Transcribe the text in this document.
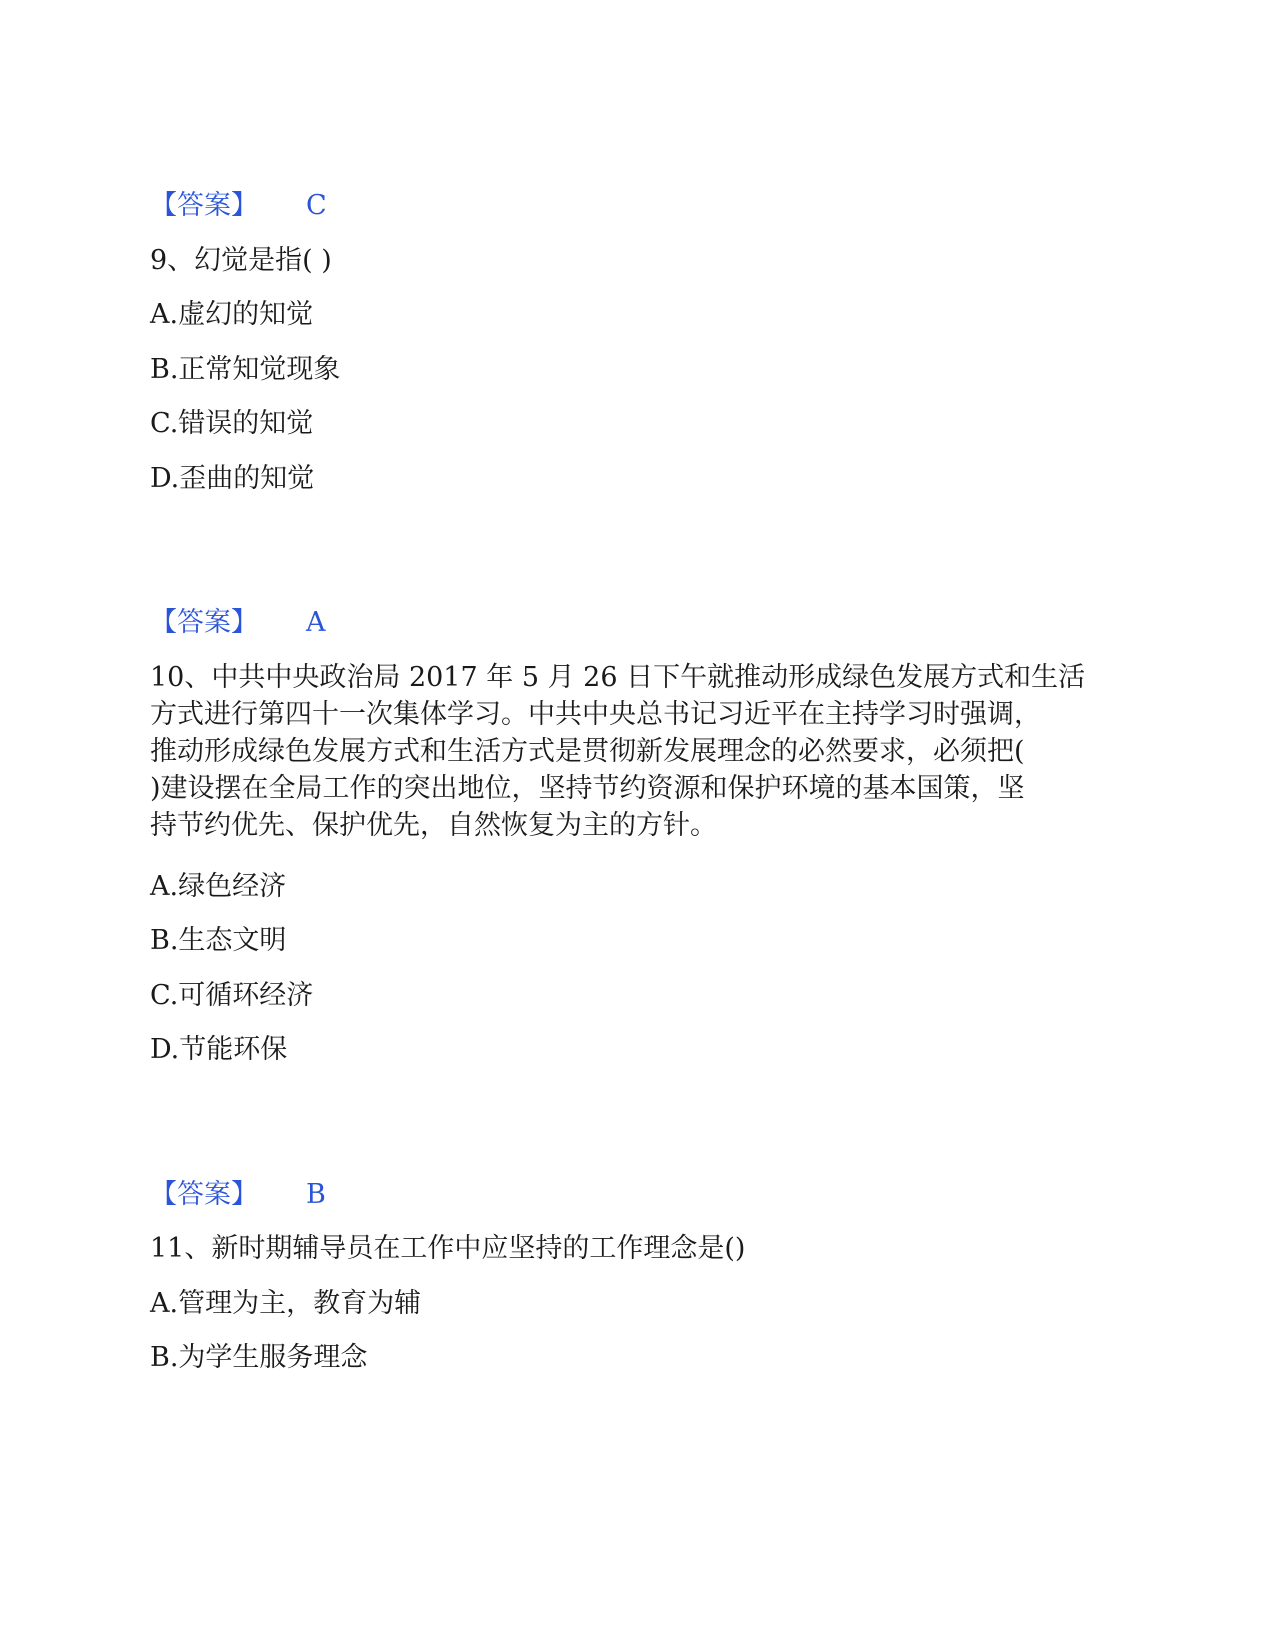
【答案】 C
9、幻觉是指( )
A.虚幻的知觉
B.正常知觉现象
C.错误的知觉
D.歪曲的知觉
【答案】 A
10、中共中央政治局 2017 年 5 月 26 日下午就推动形成绿色发展方式和生活
方式进行第四十一次集体学习。中共中央总书记习近平在主持学习时强调，
推动形成绿色发展方式和生活方式是贯彻新发展理念的必然要求，必须把(
)建设摆在全局工作的突出地位，坚持节约资源和保护环境的基本国策，坚
持节约优先、保护优先，自然恢复为主的方针。
A.绿色经济
B.生态文明
C.可循环经济
D.节能环保
【答案】 B
11、新时期辅导员在工作中应坚持的工作理念是()
A.管理为主，教育为辅
B.为学生服务理念
